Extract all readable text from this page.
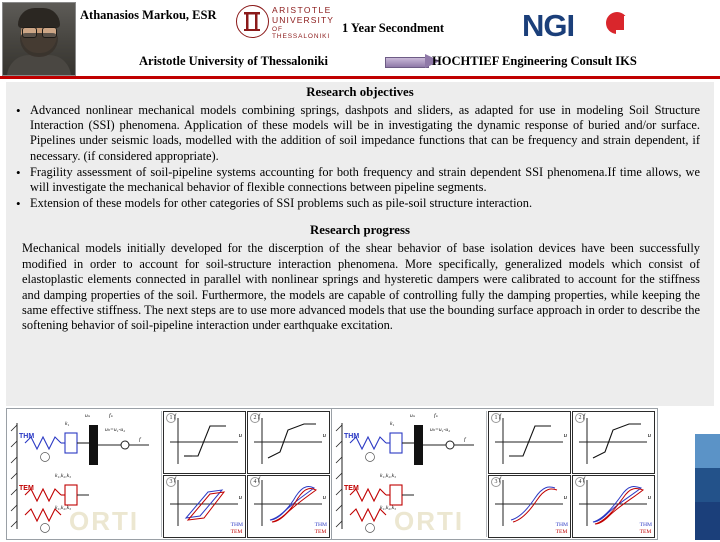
Athanasios Markou, ESR	ARISTOTLE
UNIVERSITY
OF THESSALONIKI
1 Year Secondment	NGI
Aristotle University of Thessaloniki	HOCHTIEF Engineering Consult IKS
Research objectives
• Advanced nonlinear mechanical models combining springs, dashpots and sliders, as adapted for use in modeling Soil Structure Interaction (SSI) phenomena. Application of these models will be in investigating the dynamic response of buried and/or surface. Pipelines under seismic loads, modelled with the addition of soil impedance functions that can be frequency and strain dependent, if necessary. (if considered appropriate).
• Fragility assessment of soil-pipeline systems accounting for both frequency and strain dependent SSI phenomena.If time allows, we will investigate the mechanical behavior of flexible connections between pipeline segments.
• Extension of these models for other categories of SSI problems such as pile-soil structure interaction.
Research progress

Mechanical models initially developed for the discerption of the shear behavior of base isolation devices have been successfully modified in order to account for soil-structure interaction phenomena. More specifically, generalized models which consist of elastoplastic elements connected in parallel with nonlinear springs and hysteretic dampers were calibrated to account for the stiffness and damping properties of the soil. Furthermore, the models are capable of controlling fully the damping properties, while keeping the same effective stiffness. The next steps are to use more advanced models that use the bounding surface approach in order to describe the softening behavior of soil-pipeline interaction under earthquake excitation.

THM
TEM
k₁
k₁,k₂,k₃
k₁,k₂,k₃
uₛ	fₛ
uₕ=u₁-u₂
f
ORTI
1 f
u
2 f
u
3 f
u
THM
TEM
4 f
u
THM
TEM
THM
TEM
k₁
k₁,k₂,k₃
k₁,k₂,k₃
uₛ	fₛ
uₕ=u₁-u₂
f
ORTI
1 f
u
2 f
u
3 f
u
THM
TEM
4 f
u
THM
TEM
